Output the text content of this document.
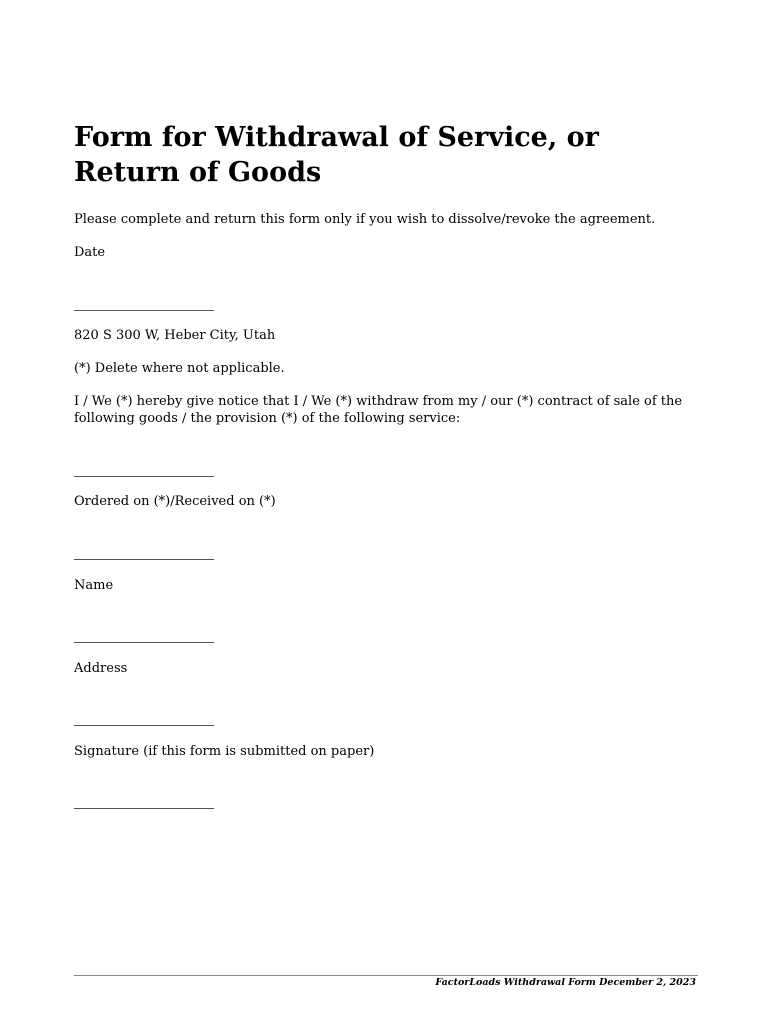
Form for Withdrawal of Service, or Return of Goods

Please complete and return this form only if you wish to dissolve/revoke the agreement.

Date

820 S 300 W, Heber City, Utah

(*) Delete where not applicable.

I / We (*) hereby give notice that I / We (*) withdraw from my / our (*) contract of sale of the following goods / the provision (*) of the following service:

Ordered on (*)/Received on (*)

Name

Address

Signature (if this form is submitted on paper)

FactorLoads Withdrawal Form December 2, 2023
